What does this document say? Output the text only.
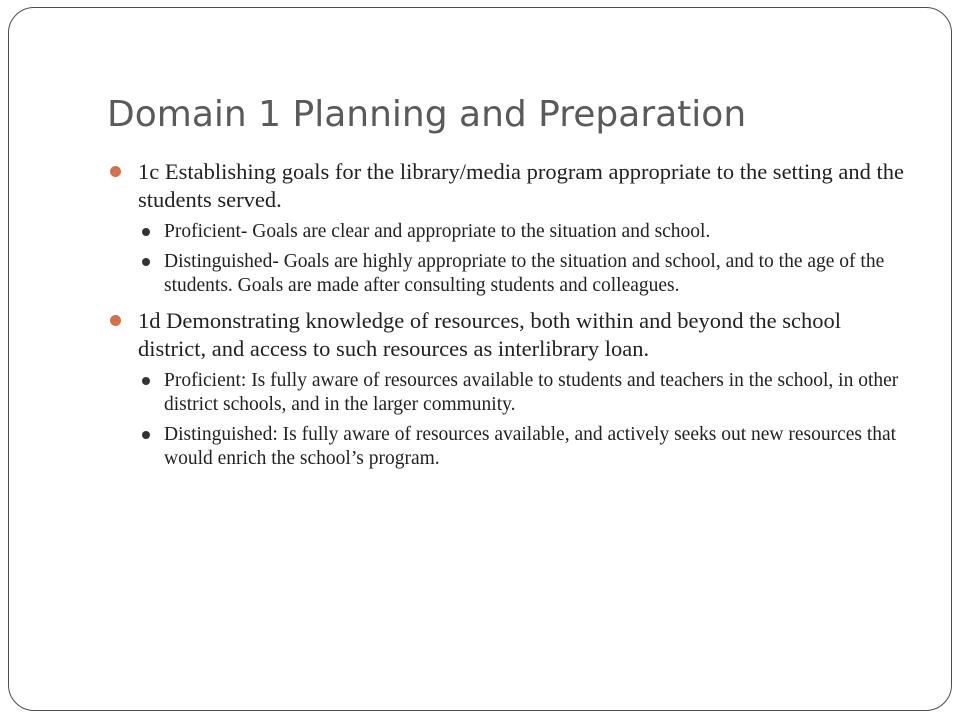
Domain 1 Planning and Preparation
1c Establishing goals for the library/media program appropriate to the setting and the students served.
Proficient- Goals are clear and appropriate to the situation and school.
Distinguished- Goals are highly appropriate to the situation and school, and to the age of the students. Goals are made after consulting students and colleagues.
1d Demonstrating knowledge of resources, both within and beyond the school district, and access to such resources as interlibrary loan.
Proficient: Is fully aware of resources available to students and teachers in the school, in other district schools, and in the larger community.
Distinguished: Is fully aware of resources available, and actively seeks out new resources that would enrich the school’s program.
